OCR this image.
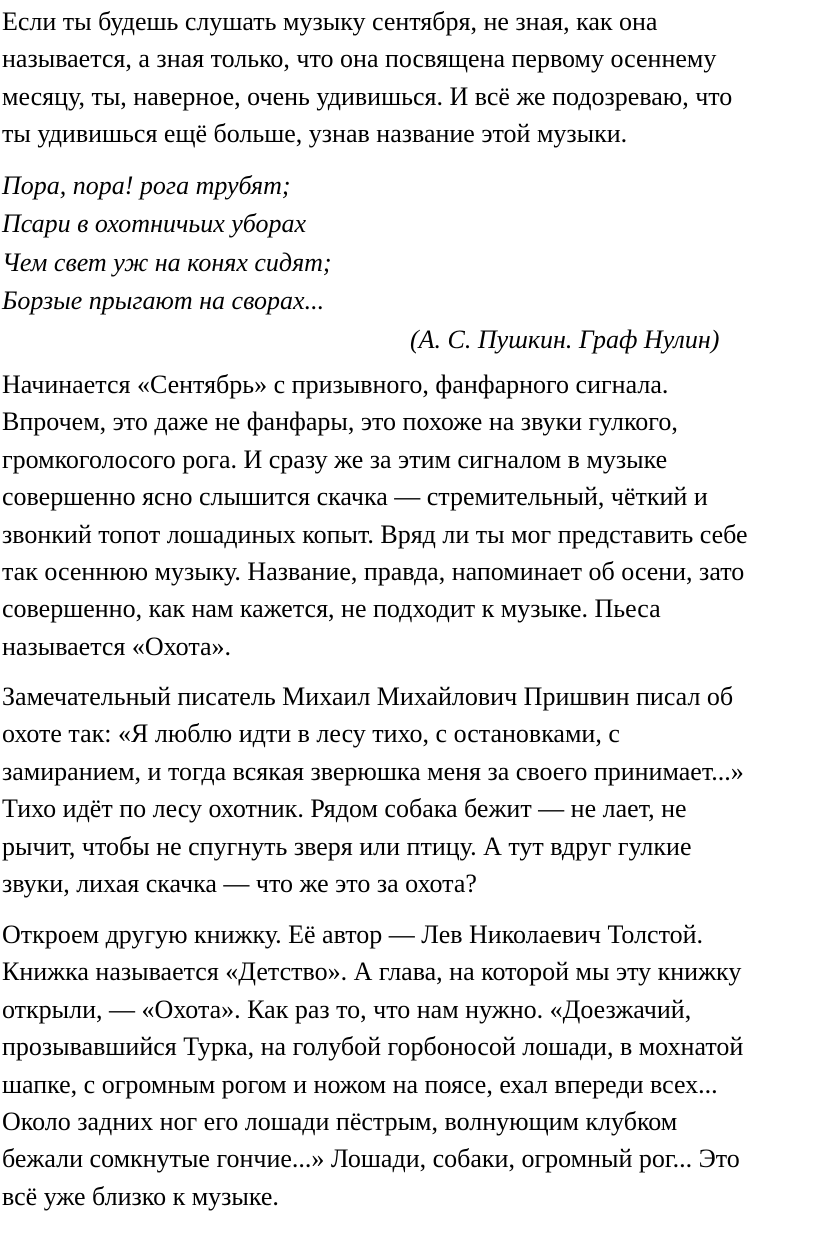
Если ты будешь слушать музыку сентября, не зная, как она
называется, а зная только, что она посвящена первому осеннему
месяцу, ты, наверное, очень удивишься. И всё же подозреваю, что
ты удивишься ещё больше, узнав название этой музыки.

Пора, пора! рога трубят;
Псари в охотничьих уборах
Чем свет уж на конях сидят;
Борзые прыгают на сворах...
(А. С. Пушкин. Граф Нулин)

Начинается «Сентябрь» с призывного, фанфарного сигнала.
Впрочем, это даже не фанфары, это похоже на звуки гулкого,
громкоголосого рога. И сразу же за этим сигналом в музыке
совершенно ясно слышится скачка — стремительный, чёткий и
звонкий топот лошадиных копыт. Вряд ли ты мог представить себе
так осеннюю музыку. Название, правда, напоминает об осени, зато
совершенно, как нам кажется, не подходит к музыке. Пьеса
называется «Охота».

Замечательный писатель Михаил Михайлович Пришвин писал об
охоте так: «Я люблю идти в лесу тихо, с остановками, с
замиранием, и тогда всякая зверюшка меня за своего принимает...»
Тихо идёт по лесу охотник. Рядом собака бежит — не лает, не
рычит, чтобы не спугнуть зверя или птицу. А тут вдруг гулкие
звуки, лихая скачка — что же это за охота?

Откроем другую книжку. Её автор — Лев Николаевич Толстой.
Книжка называется «Детство». А глава, на которой мы эту книжку
открыли, — «Охота». Как раз то, что нам нужно. «Доезжачий,
прозывавшийся Турка, на голубой горбоносой лошади, в мохнатой
шапке, с огромным рогом и ножом на поясе, ехал впереди всех...
Около задних ног его лошади пёстрым, волнующим клубком
бежали сомкнутые гончие...» Лошади, собаки, огромный рог... Это
всё уже близко к музыке.
